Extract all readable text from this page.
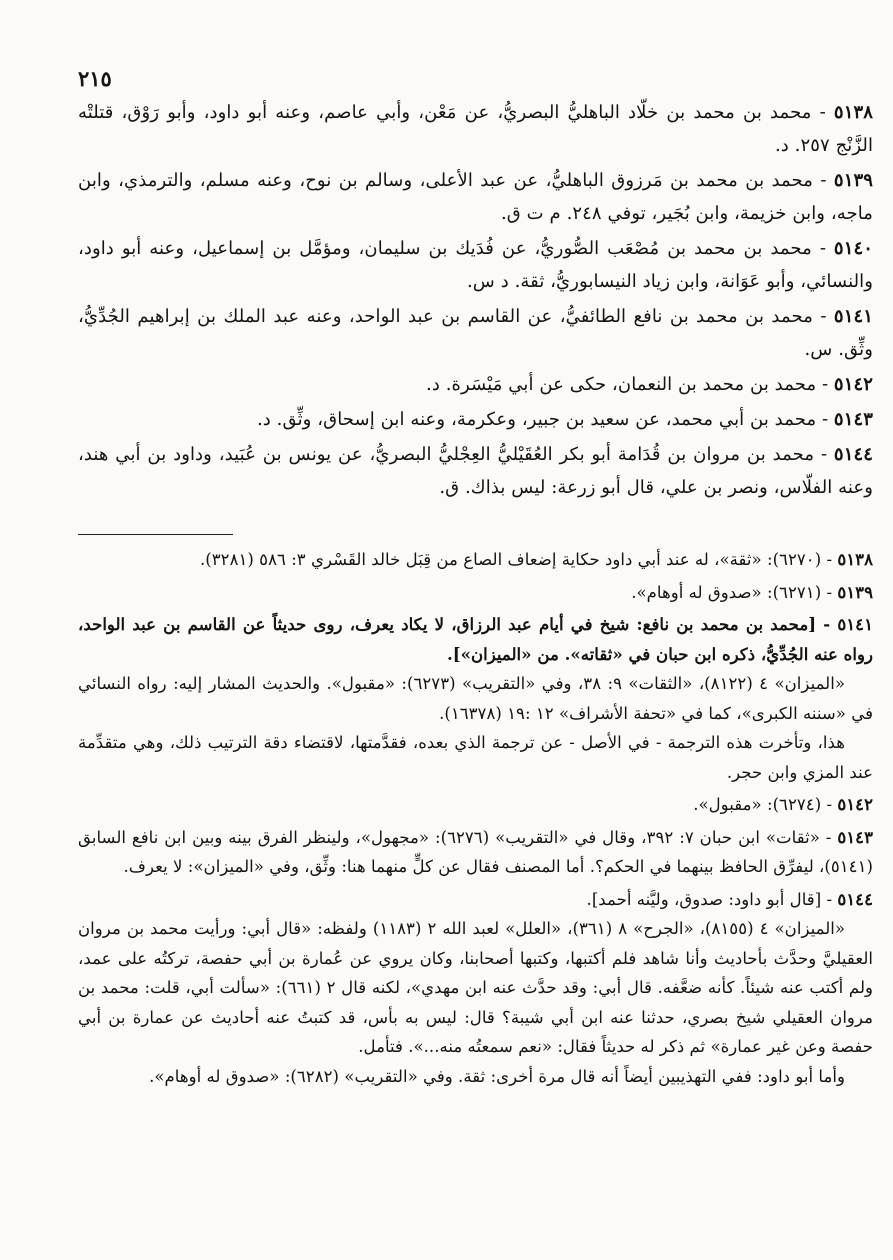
٢١٥

٥١٣٨ - محمد بن محمد بن خلّاد الباهليُّ البصريُّ، عن مَعْن، وأبي عاصم، وعنه أبو داود، وأبو رَوْق، قتلتْه الزَّنْج ٢٥٧. د.

٥١٣٩ - محمد بن محمد بن مَرزوق الباهليُّ، عن عبد الأعلى، وسالم بن نوح، وعنه مسلم، والترمذي، وابن ماجه، وابن خزيمة، وابن بُجَير، توفي ٢٤٨. م ت ق.

٥١٤٠ - محمد بن محمد بن مُصْعَب الصُّوريُّ، عن فُدَيك بن سليمان، ومؤمَّل بن إسماعيل، وعنه أبو داود، والنسائي، وأبو عَوَانة، وابن زياد النيسابوريُّ، ثقة. د س.

٥١٤١ - محمد بن محمد بن نافع الطائفيُّ، عن القاسم بن عبد الواحد، وعنه عبد الملك بن إبراهيم الجُدِّيُّ، وثِّق. س.

٥١٤٢ - محمد بن محمد بن النعمان، حكى عن أبي مَيْسَرة. د.

٥١٤٣ - محمد بن أبي محمد، عن سعيد بن جبير، وعكرمة، وعنه ابن إسحاق، وثِّق. د.

٥١٤٤ - محمد بن مروان بن قُدَامة أبو بكر العُقَيْليُّ العِجْليُّ البصريُّ، عن يونس بن عُبَيد، وداود بن أبي هند، وعنه الفلّاس، ونصر بن علي، قال أبو زرعة: ليس بذاك. ق.

٥١٣٨ - (٦٢٧٠): «ثقة»، له عند أبي داود حكاية إضعاف الصاع من قِبَل خالد القَسْري ٣: ٥٨٦ (٣٢٨١).

٥١٣٩ - (٦٢٧١): «صدوق له أوهام».

٥١٤١ - [محمد بن محمد بن نافع: شيخ في أيام عبد الرزاق، لا يكاد يعرف، روى حديثاً عن القاسم بن عبد الواحد، رواه عنه الجُدِّيُّ، ذكره ابن حبان في «ثقاته». من «الميزان»].
«الميزان» ٤ (٨١٢٢)، «الثقات» ٩: ٣٨، وفي «التقريب» (٦٢٧٣): «مقبول». والحديث المشار إليه: رواه النسائي في «سننه الكبرى»، كما في «تحفة الأشراف» ١٢ :١٩ (١٦٣٧٨).
هذا، وتأخرت هذه الترجمة - في الأصل - عن ترجمة الذي بعده، فقدَّمتها، لاقتضاء دقة الترتيب ذلك، وهي متقدِّمة عند المزي وابن حجر.

٥١٤٢ - (٦٢٧٤): «مقبول».

٥١٤٣ - «ثقات» ابن حبان ٧: ٣٩٢، وقال في «التقريب» (٦٢٧٦): «مجهول»، ولينظر الفرق بينه وبين ابن نافع السابق (٥١٤١)، ليفرِّق الحافظ بينهما في الحكم؟. أما المصنف فقال عن كلٍّ منهما هنا: وثِّق، وفي «الميزان»: لا يعرف.

٥١٤٤ - [قال أبو داود: صدوق، وليَّنه أحمد].
«الميزان» ٤ (٨١٥٥)، «الجرح» ٨ (٣٦١)، «العلل» لعبد الله ٢ (١١٨٣) ولفظه: «قال أبي: ورأيت محمد بن مروان العقيليَّ وحدَّث بأحاديث وأنا شاهد فلم أكتبها، وكتبها أصحابنا، وكان يروي عن عُمارة بن أبي حفصة، تركتُه على عمد، ولم أكتب عنه شيئاً. كأنه ضعَّفه. قال أبي: وقد حدَّث عنه ابن مهدي»، لكنه قال ٢ (٦٦١): «سألت أبي، قلت: محمد بن مروان العقيلي شيخ بصري، حدثنا عنه ابن أبي شيبة؟ قال: ليس به بأس، قد كتبتُ عنه أحاديث عن عمارة بن أبي حفصة وعن غير عمارة» ثم ذكر له حديثاً فقال: «نعم سمعتُه منه...». فتأمل.
وأما أبو داود: ففي التهذيبين أيضاً أنه قال مرة أخرى: ثقة. وفي «التقريب» (٦٢٨٢): «صدوق له أوهام».
